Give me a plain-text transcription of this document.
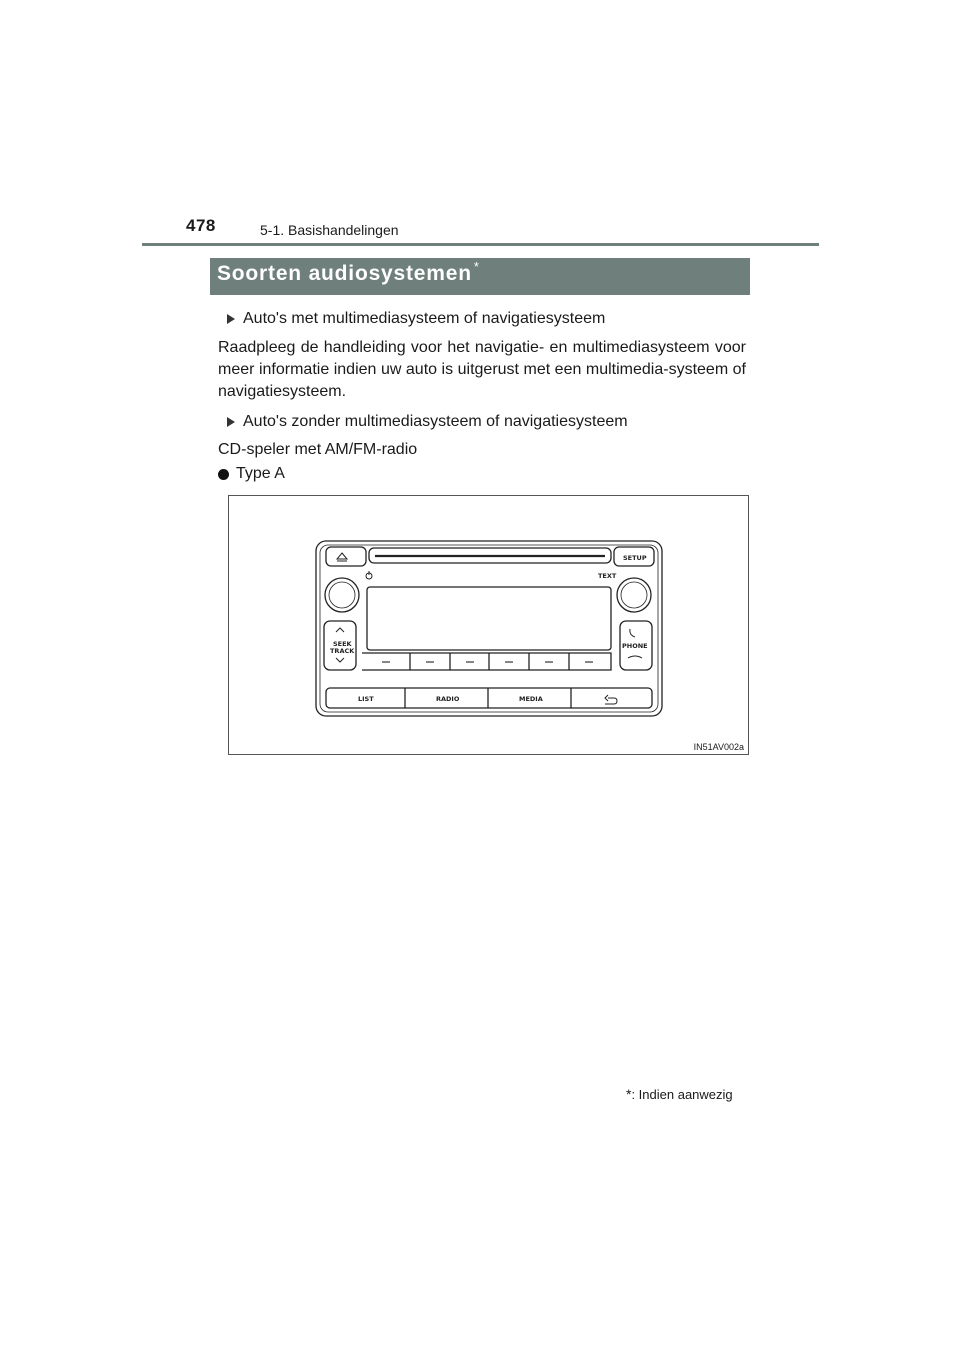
478	5-1. Basishandelingen
Soorten audiosystemen *
Auto's met multimediasysteem of navigatiesysteem

Raadpleeg de handleiding voor het navigatie- en multimediasysteem voor meer informatie indien uw auto is uitgerust met een multimedia-systeem of navigatiesysteem.

Auto's zonder multimediasysteem of navigatiesysteem

CD-speler met AM/FM-radio

Type A
SETUP
TEXT
SEEK
TRACK
PHONE
LIST	RADIO	MEDIA
IN51AV002a
*: Indien aanwezig
